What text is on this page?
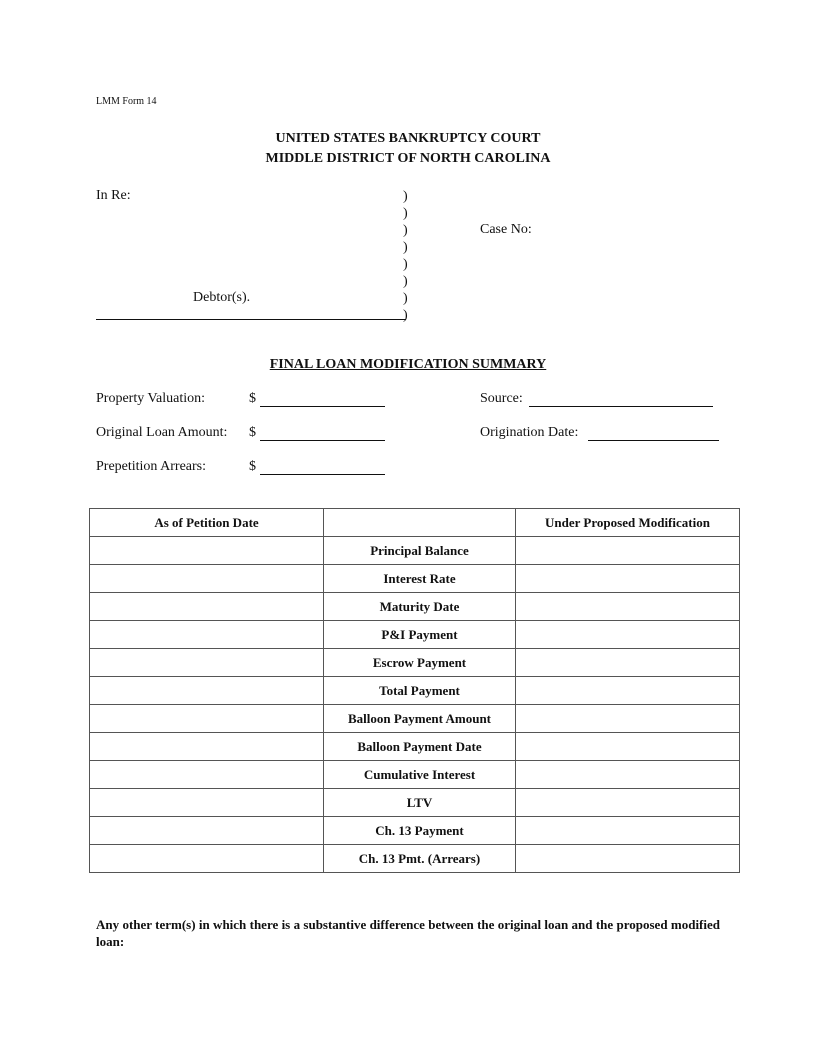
LMM Form 14
UNITED STATES BANKRUPTCY COURT
MIDDLE DISTRICT OF NORTH CAROLINA
In Re:
Debtor(s).
Case No:
)
)
)
)
)
)
)
)
FINAL LOAN MODIFICATION SUMMARY
Property Valuation:	$	Source:
Original Loan Amount: $	Origination Date:
Prepetition Arrears:	$
As of Petition Date		Under Proposed Modification
	Principal Balance	
	Interest Rate	
	Maturity Date	
	P&I Payment	
	Escrow Payment	
	Total Payment	
	Balloon Payment Amount	
	Balloon Payment Date	
	Cumulative Interest	
	LTV	
	Ch. 13 Payment	
	Ch. 13 Pmt. (Arrears)	
Any other term(s) in which there is a substantive difference between the original loan and the proposed modified loan:
